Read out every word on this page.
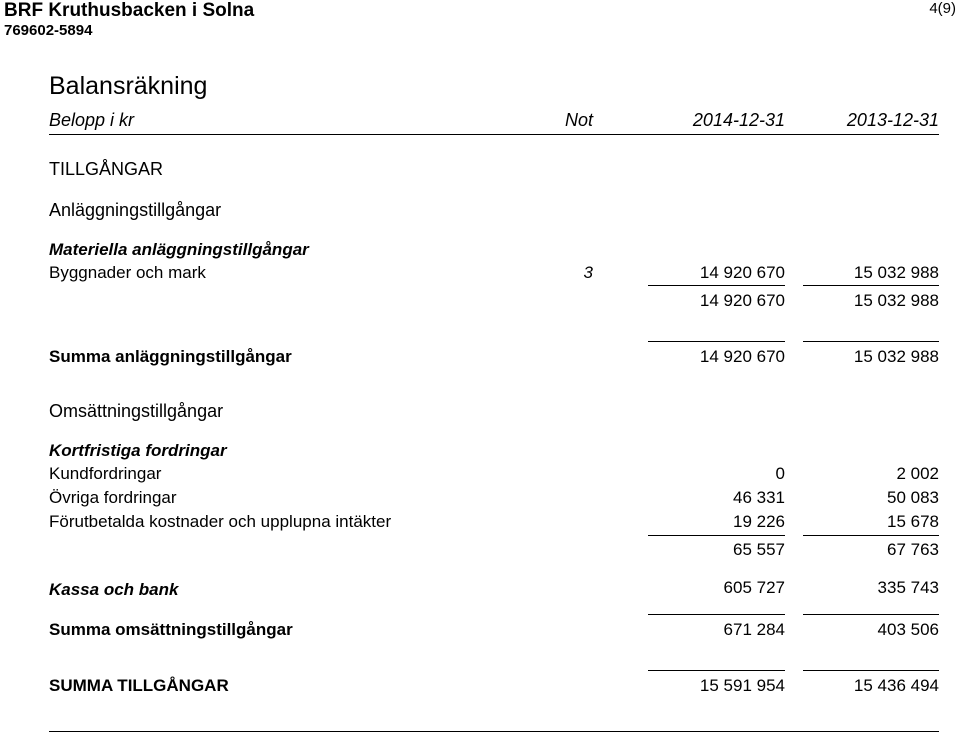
BRF Kruthusbacken i Solna
769602-5894
4(9)
Balansräkning
Belopp i kr	Not	2014-12-31	2013-12-31
TILLGÅNGAR
Anläggningstillgångar
Materiella anläggningstillgångar
Byggnader och mark	3	14 920 670	15 032 988
14 920 670	15 032 988
Summa anläggningstillgångar	14 920 670	15 032 988
Omsättningstillgångar
Kortfristiga fordringar
Kundfordringar	0	2 002
Övriga fordringar	46 331	50 083
Förutbetalda kostnader och upplupna intäkter	19 226	15 678
65 557	67 763
Kassa och bank	605 727	335 743
Summa omsättningstillgångar	671 284	403 506
SUMMA TILLGÅNGAR	15 591 954	15 436 494
